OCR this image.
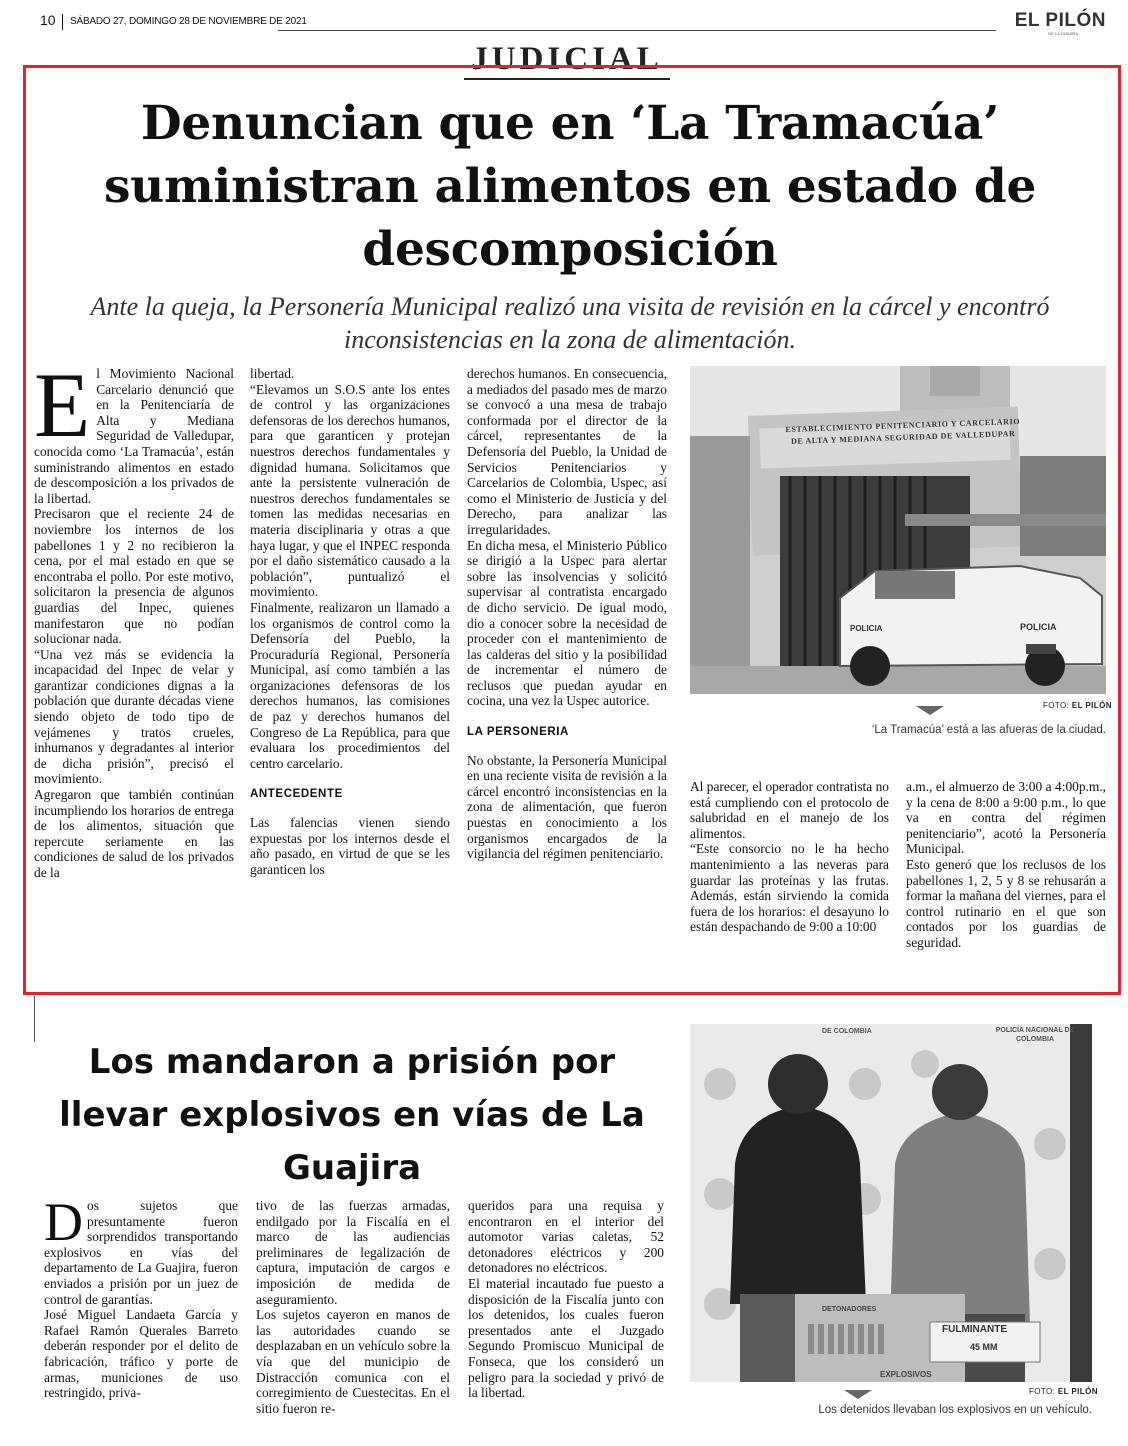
10 SÁBADO 27, DOMINGO 28 DE NOVIEMBRE DE 2021	EL PILÓN
DE LA GUAJIRA
JUDICIAL
Denuncian que en ‘La Tramacúa’ suministran alimentos en estado de descomposición
Ante la queja, la Personería Municipal realizó una visita de revisión en la cárcel y encontró inconsistencias en la zona de alimentación.
E l Movimiento Nacional Carcelario denunció que en la Penitenciaría de Alta y Mediana Seguridad de Valledupar, conocida como ‘La Tramacúa’, están suministrando alimentos en estado de descomposición a los privados de la libertad.

Precisaron que el reciente 24 de noviembre los internos de los pabellones 1 y 2 no recibieron la cena, por el mal estado en que se encontraba el pollo. Por este motivo, solicitaron la presencia de algunos guardias del Inpec, quienes manifestaron que no podían solucionar nada.

“Una vez más se evidencia la incapacidad del Inpec de velar y garantizar condiciones dignas a la población que durante décadas viene siendo objeto de todo tipo de vejámenes y tratos crueles, inhumanos y degradantes al interior de dicha prisión”, precisó el movimiento.

Agregaron que también continúan incumpliendo los horarios de entrega de los alimentos, situación que repercute seriamente en las condiciones de salud de los privados de la

libertad.

“Elevamos un S.O.S ante los entes de control y las organizaciones defensoras de los derechos humanos, para que garanticen y protejan nuestros derechos fundamentales y dignidad humana. Solicitamos que ante la persistente vulneración de nuestros derechos fundamentales se tomen las medidas necesarias en materia disciplinaria y otras a que haya lugar, y que el INPEC responda por el daño sistemático causado a la población”, puntualizó el movimiento.

Finalmente, realizaron un llamado a los organismos de control como la Defensoría del Pueblo, la Procuraduría Regional, Personería Municipal, así como también a las organizaciones defensoras de los derechos humanos, las comisiones de paz y derechos humanos del Congreso de La República, para que evaluara los procedimientos del centro carcelario.

ANTECEDENTE

Las falencias vienen siendo expuestas por los internos desde el año pasado, en virtud de que se les garanticen los

derechos humanos. En consecuencia, a mediados del pasado mes de marzo se convocó a una mesa de trabajo conformada por el director de la cárcel, representantes de la Defensoría del Pueblo, la Unidad de Servicios Penitenciarios y Carcelarios de Colombia, Uspec, así como el Ministerio de Justicia y del Derecho, para analizar las irregularidades.

En dicha mesa, el Ministerio Público se dirigió a la Uspec para alertar sobre las insolvencias y solicitó supervisar al contratista encargado de dicho servicio. De igual modo, dio a conocer sobre la necesidad de proceder con el mantenimiento de las calderas del sitio y la posibilidad de incrementar el número de reclusos que puedan ayudar en cocina, una vez la Uspec autorice.

LA PERSONERIA

No obstante, la Personería Municipal en una reciente visita de revisión a la cárcel encontró inconsistencias en la zona de alimentación, que fueron puestas en conocimiento a los organismos encargados de la vigilancia del régimen penitenciario.

ESTABLECIMIENTO PENITENCIARIO Y CARCELARIO
DE ALTA Y MEDIANA SEGURIDAD DE VALLEDUPAR
POLICIA	POLICIA
FOTO: EL PILÓN
‘La Tramacúa’ está a las afueras de la ciudad.

Al parecer, el operador contratista no está cumpliendo con el protocolo de salubridad en el manejo de los alimentos.

“Este consorcio no le ha hecho mantenimiento a las neveras para guardar las proteínas y las frutas. Además, están sirviendo la comida fuera de los horarios: el desayuno lo están despachando de 9:00 a 10:00

a.m., el almuerzo de 3:00 a 4:00p.m., y la cena de 8:00 a 9:00 p.m., lo que va en contra del régimen penitenciario”, acotó la Personería Municipal.

Esto generó que los reclusos de los pabellones 1, 2, 5 y 8 se rehusarán a formar la mañana del viernes, para el control rutinario en el que son contados por los guardias de seguridad.

Los mandaron a prisión por llevar explosivos en vías de La Guajira
D os sujetos que presuntamente fueron sorprendidos transportando explosivos en vías del departamento de La Guajira, fueron enviados a prisión por un juez de control de garantías.

José Miguel Landaeta García y Rafael Ramón Querales Barreto deberán responder por el delito de fabricación, tráfico y porte de armas, municiones de uso restringido, priva-

tivo de las fuerzas armadas, endilgado por la Fiscalía en el marco de las audiencias preliminares de legalización de captura, imputación de cargos e imposición de medida de aseguramiento.

Los sujetos cayeron en manos de las autoridades cuando se desplazaban en un vehículo sobre la vía que del municipio de Distracción comunica con el corregimiento de Cuestecitas. En el sitio fueron re-

queridos para una requisa y encontraron en el interior del automotor varias caletas, 52 detonadores eléctricos y 200 detonadores no eléctricos.

El material incautado fue puesto a disposición de la Fiscalía junto con los detenidos, los cuales fueron presentados ante el Juzgado Segundo Promiscuo Municipal de Fonseca, que los consideró un peligro para la sociedad y privó de la libertad.

DE COLOMBIA	POLICÍA NACIONAL DE COLOMBIA
DETONADORES
FULMINANTE
45 MM
EXPLOSIVOS
FOTO: EL PILÓN
Los detenidos llevaban los explosivos en un vehículo.
